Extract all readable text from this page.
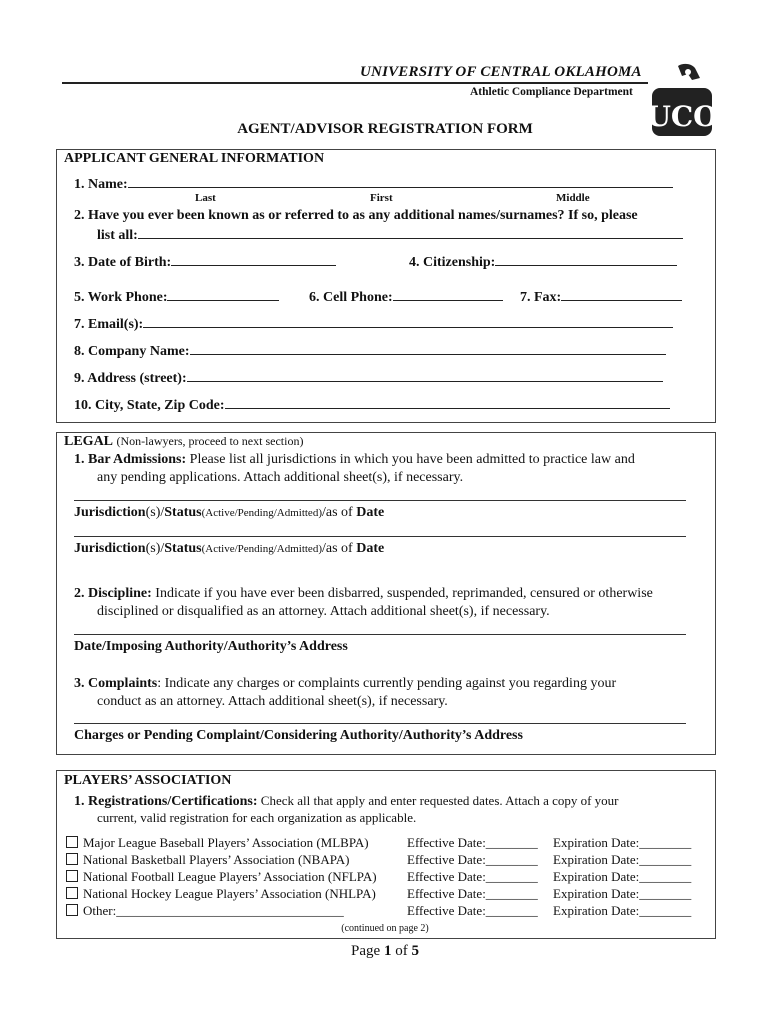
UNIVERSITY OF CENTRAL OKLAHOMA
Athletic Compliance Department
UCO
AGENT/ADVISOR REGISTRATION FORM
APPLICANT GENERAL INFORMATION
1. Name:
Last	First	Middle
2. Have you ever been known as or referred to as any additional names/surnames? If so, please
list all:
3. Date of Birth:	4. Citizenship:
5. Work Phone:	6. Cell Phone:	7. Fax:
7. Email(s):
8. Company Name:
9. Address (street):
10. City, State, Zip Code:
LEGAL (Non-lawyers, proceed to next section)
1. Bar Admissions: Please list all jurisdictions in which you have been admitted to practice law and
any pending applications. Attach additional sheet(s), if necessary.
Jurisdiction(s)/Status(Active/Pending/Admitted)/as of Date
Jurisdiction(s)/Status(Active/Pending/Admitted)/as of Date
2. Discipline: Indicate if you have ever been disbarred, suspended, reprimanded, censured or otherwise
disciplined or disqualified as an attorney. Attach additional sheet(s), if necessary.
Date/Imposing Authority/Authority’s Address
3. Complaints: Indicate any charges or complaints currently pending against you regarding your
conduct as an attorney. Attach additional sheet(s), if necessary.
Charges or Pending Complaint/Considering Authority/Authority’s Address
PLAYERS’ ASSOCIATION
1. Registrations/Certifications: Check all that apply and enter requested dates. Attach a copy of your
current, valid registration for each organization as applicable.
Major League Baseball Players’ Association (MLBPA)	Effective Date:________ Expiration Date:________
National Basketball Players’ Association (NBAPA)	Effective Date:________ Expiration Date:________
National Football League Players’ Association (NFLPA) Effective Date:________ Expiration Date:________
National Hockey League Players’ Association (NHLPA) Effective Date:________ Expiration Date:________
Other:___________________________________	Effective Date:________ Expiration Date:________
(continued on page 2)
Page 1 of 5
